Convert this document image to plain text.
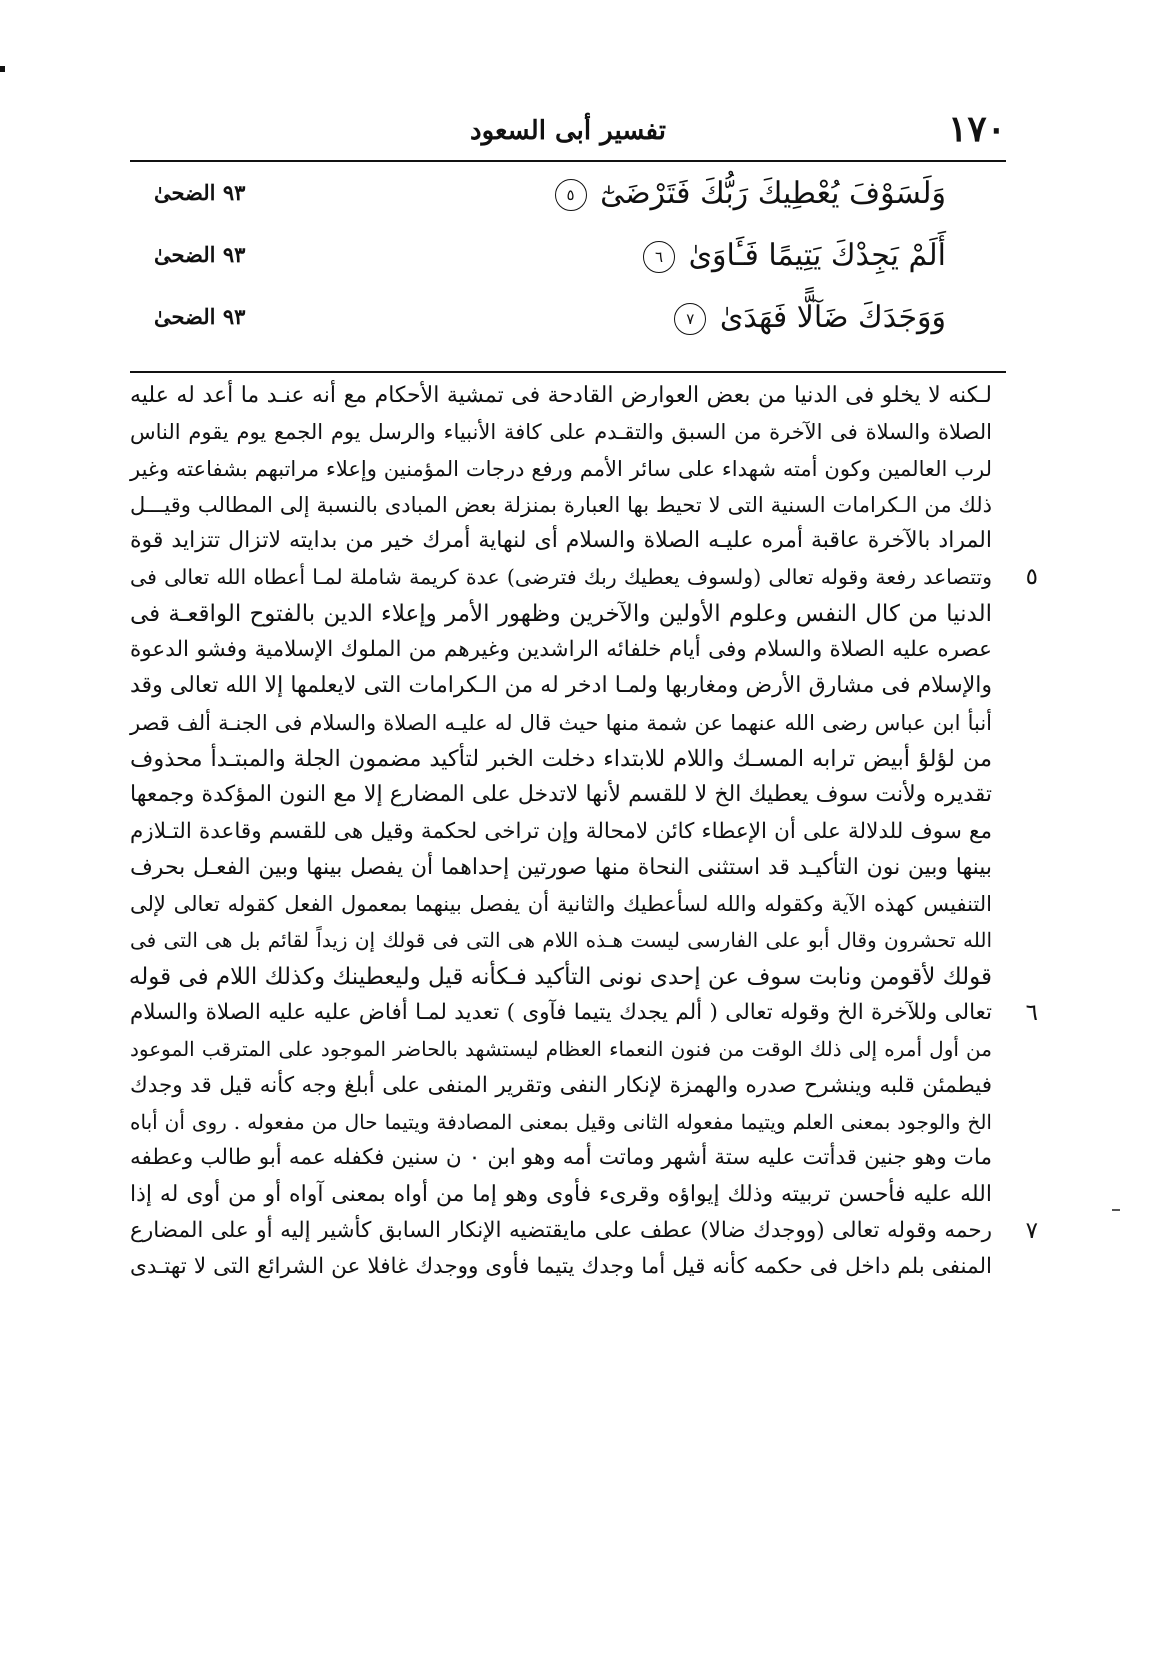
١٧٠
تفسير أبى السعود
وَلَسَوْفَ يُعْطِيكَ رَبُّكَ فَتَرْضَىٰٓ ٥
٩٣ الضحىٰ
أَلَمْ يَجِدْكَ يَتِيمًا فَـَٔاوَىٰ ٦
٩٣ الضحىٰ
وَوَجَدَكَ ضَآلًّا فَهَدَىٰ ٧
٩٣ الضحىٰ
لـكنه لا يخلو فى الدنيا من بعض العوارض القادحة فى تمشية الأحكام مع أنه عنـد ما أعد له عليه
الصلاة والسلاة فى الآخرة من السبق والتقـدم على كافة الأنبياء والرسل يوم الجمع يوم يقوم الناس
لرب العالمين وكون أمته شهداء على سائر الأمم ورفع درجات المؤمنين وإعلاء مراتبهم بشفاعته وغير
ذلك من الـكرامات السنية التى لا تحيط بها العبارة بمنزلة بعض المبادى بالنسبة إلى المطالب وقيـــل
المراد بالآخرة عاقبة أمره عليـه الصلاة والسلام أى لنهاية أمرك خير من بدايته لاتزال تتزايد قوة
٥
وتتصاعد رفعة وقوله تعالى (ولسوف يعطيك ربك فترضى) عدة كريمة شاملة لمـا أعطاه الله تعالى فى
الدنيا من كال النفس وعلوم الأولين والآخرين وظهور الأمر وإعلاء الدين بالفتوح الواقعـة فى
عصره عليه الصلاة والسلام وفى أيام خلفائه الراشدين وغيرهم من الملوك الإسلامية وفشو الدعوة
والإسلام فى مشارق الأرض ومغاربها ولمـا ادخر له من الـكرامات التى لايعلمها إلا الله تعالى وقد
أنبأ ابن عباس رضى الله عنهما عن شمة منها حيث قال له عليـه الصلاة والسلام فى الجنـة ألف قصر
من لؤلؤ أبيض ترابه المسـك واللام للابتداء دخلت الخبر لتأكيد مضمون الجلة والمبتـدأ محذوف
تقديره ولأنت سوف يعطيك الخ لا للقسم لأنها لاتدخل على المضارع إلا مع النون المؤكدة وجمعها
مع سوف للدلالة على أن الإعطاء كائن لامحالة وإن تراخى لحكمة وقيل هى للقسم وقاعدة التـلازم
بينها وبين نون التأكيـد قد استثنى النحاة منها صورتين إحداهما أن يفصل بينها وبين الفعـل بحرف
التنفيس كهذه الآية وكقوله والله لسأعطيك والثانية أن يفصل بينهما بمعمول الفعل كقوله تعالى لإلى
الله تحشرون وقال أبو على الفارسى ليست هـذه اللام هى التى فى قولك إن زيداً لقائم بل هى التى فى
قولك لأقومن ونابت سوف عن إحدى نونى التأكيد فـكأنه قيل وليعطينك وكذلك اللام فى قوله
٦
تعالى وللآخرة الخ وقوله تعالى ( ألم يجدك يتيما فآوى ) تعديد لمـا أفاض عليه عليه الصلاة والسلام
من أول أمره إلى ذلك الوقت من فنون النعماء العظام ليستشهد بالحاضر الموجود على المترقب الموعود
فيطمئن قلبه وينشرح صدره والهمزة لإنكار النفى وتقرير المنفى على أبلغ وجه كأنه قيل قد وجدك
الخ والوجود بمعنى العلم ويتيما مفعوله الثانى وقيل بمعنى المصادفة ويتيما حال من مفعوله . روى أن أباه
مات وهو جنين قدأتت عليه ستة أشهر وماتت أمه وهو ابن ٠ ن سنين فكفله عمه أبو طالب وعطفه
الله عليه فأحسن تربيته وذلك إيواؤه وقرىء فأوى وهو إما من أواه بمعنى آواه أو من أوى له إذا
٧
رحمه وقوله تعالى (ووجدك ضالا) عطف على مايقتضيه الإنكار السابق كأشير إليه أو على المضارع
المنفى بلم داخل فى حكمه كأنه قيل أما وجدك يتيما فأوى ووجدك غافلا عن الشرائع التى لا تهتـدى
